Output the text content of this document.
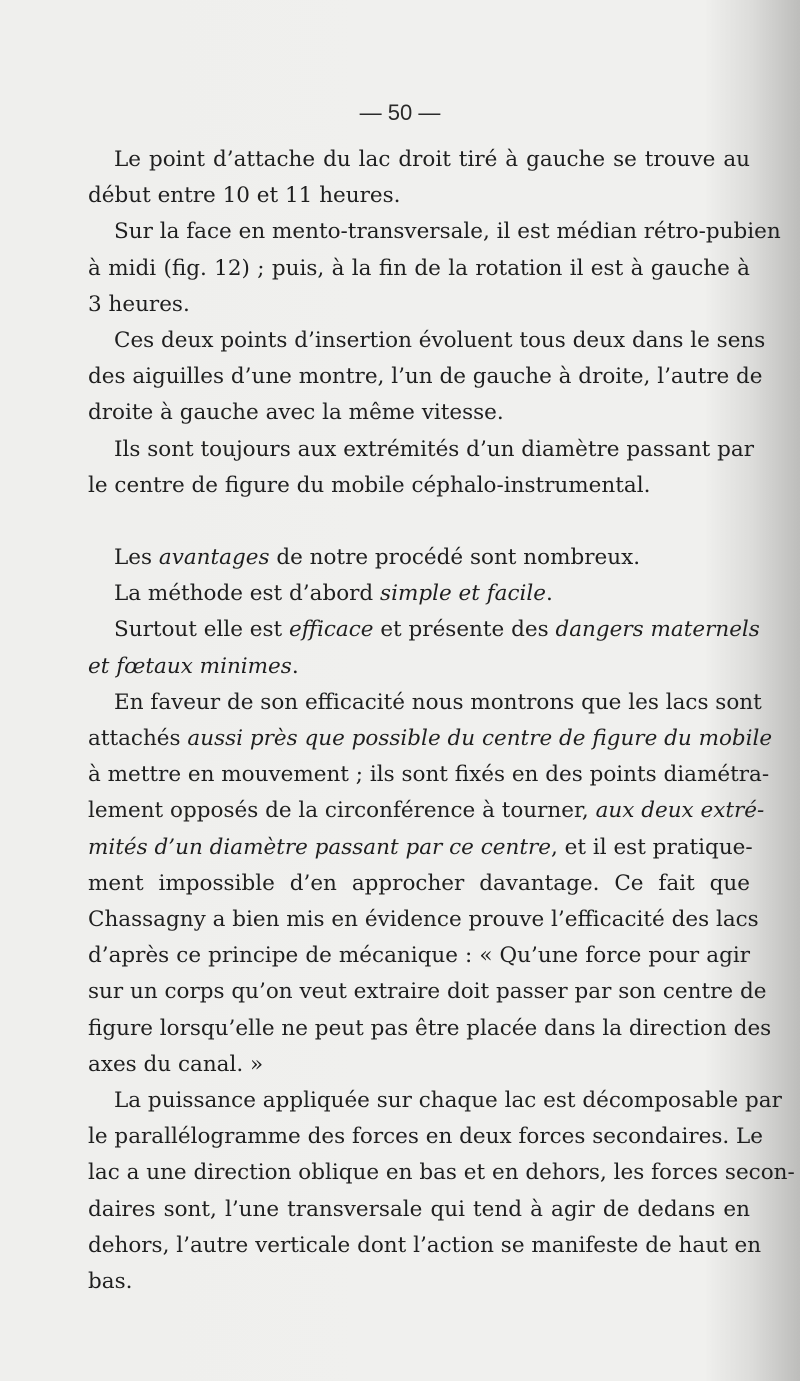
— 50 —

Le point d’attache du lac droit tiré à gauche se trouve au
début entre 10 et 11 heures.

Sur la face en mento-transversale, il est médian rétro-pubien
à midi (fig. 12) ; puis, à la fin de la rotation il est à gauche à
3 heures.

Ces deux points d’insertion évoluent tous deux dans le sens
des aiguilles d’une montre, l’un de gauche à droite, l’autre de
droite à gauche avec la même vitesse.

Ils sont toujours aux extrémités d’un diamètre passant par
le centre de figure du mobile céphalo-instrumental.

Les avantages de notre procédé sont nombreux.

La méthode est d’abord simple et facile.

Surtout elle est efficace et présente des dangers maternels
et fœtaux minimes.

En faveur de son efficacité nous montrons que les lacs sont
attachés aussi près que possible du centre de figure du mobile
à mettre en mouvement ; ils sont fixés en des points diamétra-
lement opposés de la circonférence à tourner, aux deux extré-
mités d’un diamètre passant par ce centre, et il est pratique-
ment impossible d’en approcher davantage. Ce fait que
Chassagny a bien mis en évidence prouve l’efficacité des lacs
d’après ce principe de mécanique : « Qu’une force pour agir
sur un corps qu’on veut extraire doit passer par son centre de
figure lorsqu’elle ne peut pas être placée dans la direction des
axes du canal. »

La puissance appliquée sur chaque lac est décomposable par
le parallélogramme des forces en deux forces secondaires. Le
lac a une direction oblique en bas et en dehors, les forces secon-
daires sont, l’une transversale qui tend à agir de dedans en
dehors, l’autre verticale dont l’action se manifeste de haut en
bas.
